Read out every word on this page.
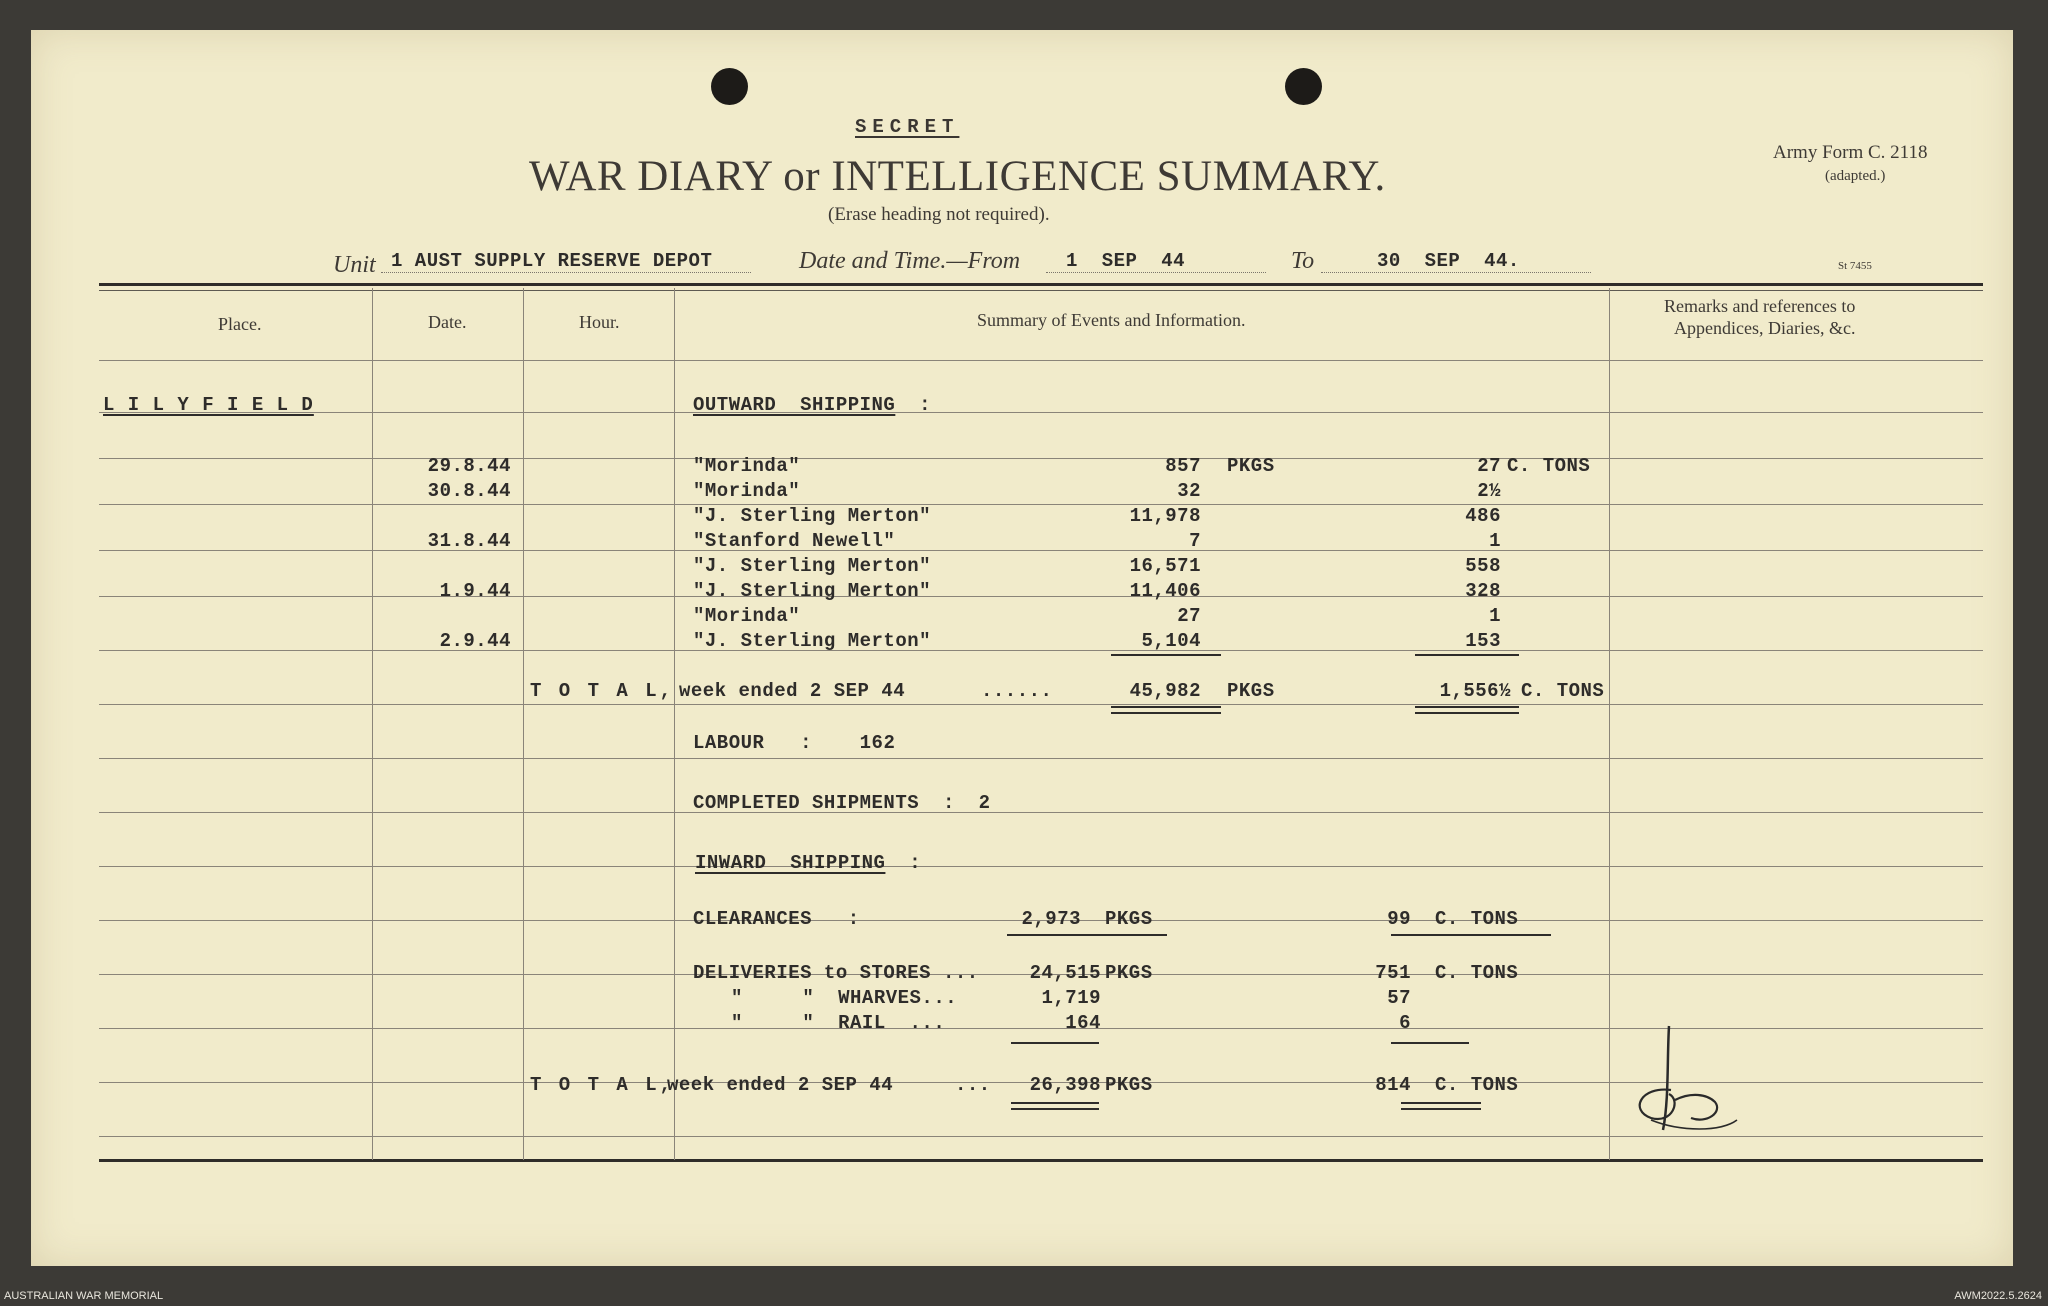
SECRET
WAR DIARY or INTELLIGENCE SUMMARY.
(Erase heading not required).
Army Form C. 2118
(adapted.)
St 7455
Unit 1 AUST SUPPLY RESERVE DEPOT	Date and Time.—From 1  SEP  44	To	30  SEP  44.
Place.	Date.	Hour.	Summary of Events and Information.
Remarks and references to
Appendices, Diaries, &c.
L I L Y F I E L D	OUTWARD  SHIPPING :
29.8.44	"Morinda"	857 PKGS	27 C. TONS
30.8.44	"Morinda"	32	2½
"J. Sterling Merton"	11,978	486
31.8.44	"Stanford Newell"	7	1
"J. Sterling Merton"	16,571	558
1.9.44	"J. Sterling Merton"	11,406	328
"Morinda"	27	1
2.9.44	"J. Sterling Merton"	5,104	153
T O T A L, week ended 2 SEP 44	......	45,982 PKGS	1,556½ C. TONS
LABOUR :	162
COMPLETED SHIPMENTS : 2
INWARD  SHIPPING :
CLEARANCES :	2,973 PKGS	99 C. TONS
DELIVERIES to STORES ...	24,515 PKGS	751 C. TONS
"     "  WHARVES...	1,719	57
"     "  RAIL  ...	164	6
T O T A L,
week ended 2 SEP 44	...	26,398 PKGS	814 C. TONS
AUSTRALIAN WAR MEMORIAL	AWM2022.5.2624
